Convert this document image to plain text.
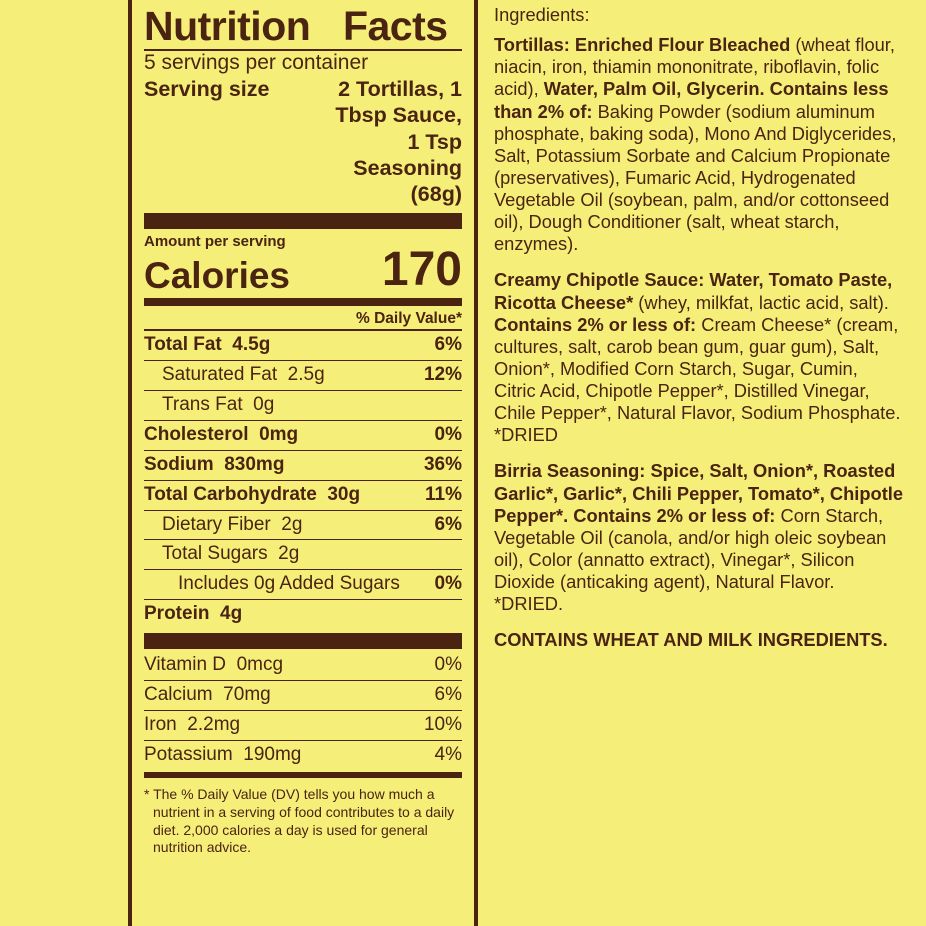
Nutrition   Facts
5 servings per container
Serving size	2 Tortillas, 1
Tbsp Sauce,
1 Tsp
Seasoning
(68g)
Amount per serving
Calories 170
% Daily Value*
Total Fat  4.5g	6%
Saturated Fat  2.5g	12%
Trans Fat  0g
Cholesterol  0mg	0%
Sodium  830mg	36%
Total Carbohydrate  30g	11%
Dietary Fiber  2g	6%
Total Sugars  2g
Includes 0g Added Sugars 0%
Protein  4g
Vitamin D  0mcg	0%
Calcium  70mg	6%
Iron  2.2mg	10%
Potassium  190mg	4%
* The % Daily Value (DV) tells you how much a nutrient in a serving of food contributes to a daily diet. 2,000 calories a day is used for general nutrition advice.

Ingredients:

Tortillas: Enriched Flour Bleached (wheat flour, niacin, iron, thiamin mononitrate, riboflavin, folic acid), Water, Palm Oil, Glycerin. Contains less than 2% of: Baking Powder (sodium aluminum phosphate, baking soda), Mono And Diglycerides, Salt, Potassium Sorbate and Calcium Propionate (preservatives), Fumaric Acid, Hydrogenated Vegetable Oil (soybean, palm, and/or cottonseed oil), Dough Conditioner (salt, wheat starch, enzymes).

Creamy Chipotle Sauce: Water, Tomato Paste, Ricotta Cheese* (whey, milkfat, lactic acid, salt). Contains 2% or less of: Cream Cheese* (cream, cultures, salt, carob bean gum, guar gum), Salt, Onion*, Modified Corn Starch, Sugar, Cumin, Citric Acid, Chipotle Pepper*, Distilled Vinegar, Chile Pepper*, Natural Flavor, Sodium Phosphate. *DRIED

Birria Seasoning: Spice, Salt, Onion*, Roasted Garlic*, Garlic*, Chili Pepper, Tomato*, Chipotle Pepper*. Contains 2% or less of: Corn Starch, Vegetable Oil (canola, and/or high oleic soybean oil), Color (annatto extract), Vinegar*, Silicon Dioxide (anticaking agent), Natural Flavor. *DRIED.

CONTAINS WHEAT AND MILK INGREDIENTS.
